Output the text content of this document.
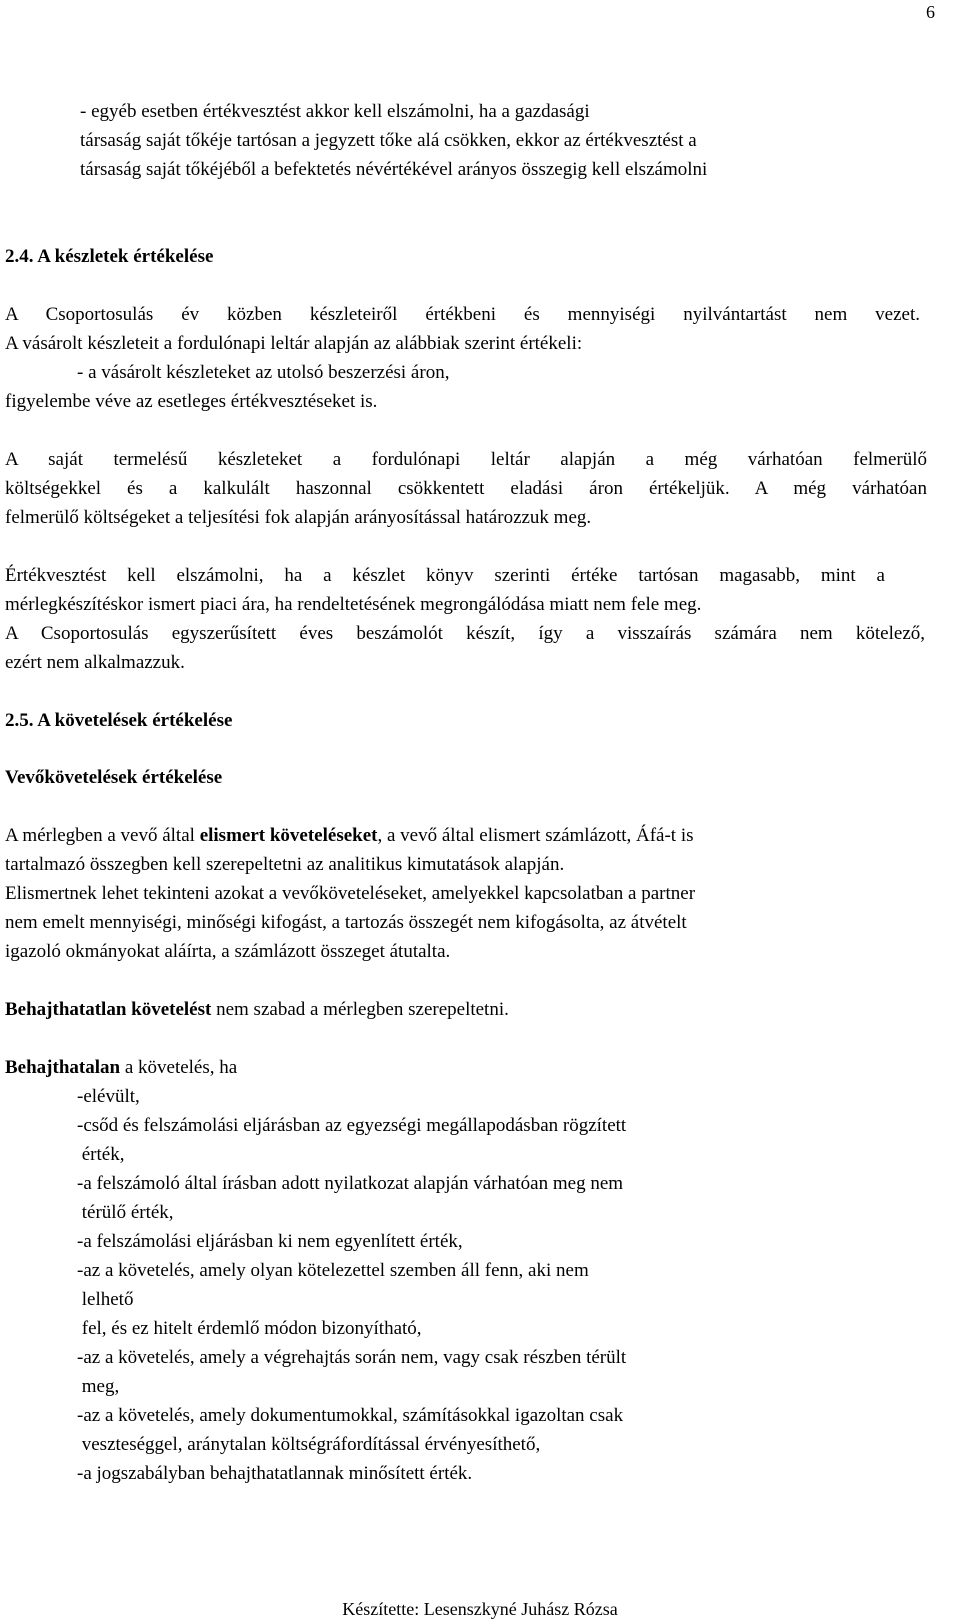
6
- egyéb esetben értékvesztést akkor kell elszámolni, ha a gazdasági
társaság saját tőkéje tartósan a jegyzett tőke alá csökken, ekkor az értékvesztést a
társaság saját tőkéjéből a befektetés névértékével arányos összegig kell elszámolni
2.4. A készletek értékelése
A Csoportosulás év közben készleteiről értékbeni és mennyiségi nyilvántartást nem vezet.
A vásárolt készleteit a fordulónapi leltár alapján az alábbiak szerint értékeli:
- a vásárolt készleteket az utolsó beszerzési áron,
figyelembe véve az esetleges értékvesztéseket is.
A saját termelésű készleteket a fordulónapi leltár alapján a még várhatóan felmerülő
költségekkel és a kalkulált haszonnal csökkentett eladási áron értékeljük. A még várhatóan
felmerülő költségeket a teljesítési fok alapján arányosítással határozzuk meg.
Értékvesztést kell elszámolni, ha a készlet könyv szerinti értéke tartósan magasabb, mint a
mérlegkészítéskor ismert piaci ára, ha rendeltetésének megrongálódása miatt nem fele meg.
A Csoportosulás egyszerűsített éves beszámolót készít, így a visszaírás számára nem kötelező,
ezért nem alkalmazzuk.
2.5. A követelések értékelése
Vevőkövetelések értékelése
A mérlegben a vevő által elismert követeléseket, a vevő által elismert számlázott, Áfá-t is
tartalmazó összegben kell szerepeltetni az analitikus kimutatások alapján.
Elismertnek lehet tekinteni azokat a vevőköveteléseket, amelyekkel kapcsolatban a partner
nem emelt mennyiségi, minőségi kifogást, a tartozás összegét nem kifogásolta, az átvételt
igazoló okmányokat aláírta, a számlázott összeget átutalta.
Behajthatatlan követelést nem szabad a mérlegben szerepeltetni.
Behajthatalan a követelés, ha
-elévült,
-csőd és felszámolási eljárásban az egyezségi megállapodásban rögzített
érték,
-a felszámoló által írásban adott nyilatkozat alapján várhatóan meg nem
térülő érték,
-a felszámolási eljárásban ki nem egyenlített érték,
-az a követelés, amely olyan kötelezettel szemben áll fenn, aki nem
lelhető
fel, és ez hitelt érdemlő módon bizonyítható,
-az a követelés, amely a végrehajtás során nem, vagy csak részben térült
meg,
-az a követelés, amely dokumentumokkal, számításokkal igazoltan csak
veszteséggel, aránytalan költségráfordítással érvényesíthető,
-a jogszabályban behajthatatlannak minősített érték.
Készítette: Lesenszkyné Juhász Rózsa
